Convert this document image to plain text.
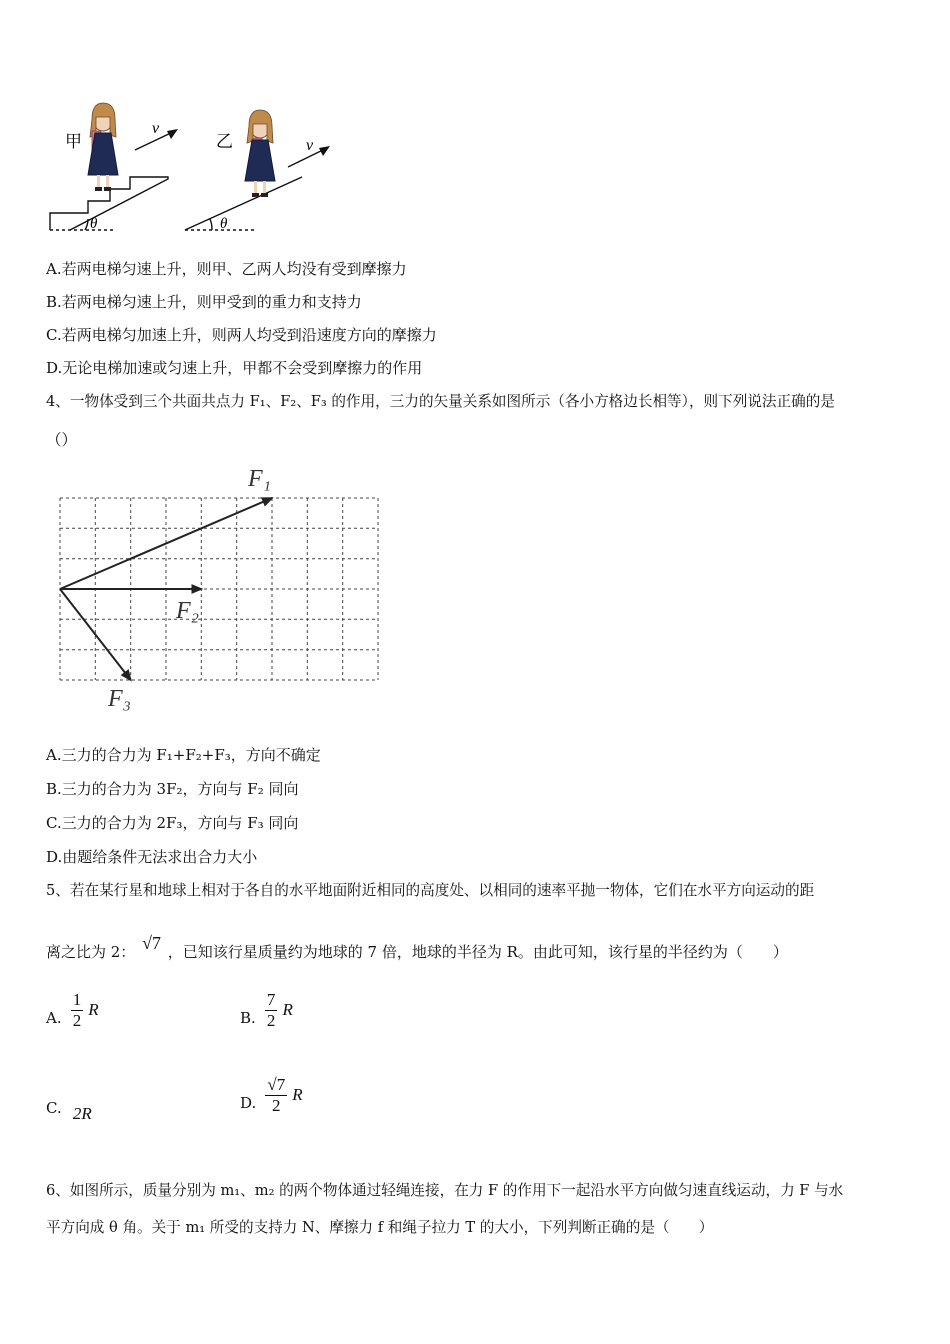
θ
甲
v
θ
乙	v
A.若两电梯匀速上升，则甲、乙两人均没有受到摩擦力
B.若两电梯匀速上升，则甲受到的重力和支持力
C.若两电梯匀加速上升，则两人均受到沿速度方向的摩擦力
D.无论电梯加速或匀速上升，甲都不会受到摩擦力的作用
4、一物体受到三个共面共点力 F₁、F₂、F₃ 的作用，三力的矢量关系如图所示（各小方格边长相等），则下列说法正确的是
（）
F₁
F₂
F₃
A.三力的合力为 F₁+F₂+F₃，方向不确定
B.三力的合力为 3F₂，方向与 F₂ 同向
C.三力的合力为 2F₃，方向与 F₃ 同向
D.由题给条件无法求出合力大小
5、若在某行星和地球上相对于各自的水平地面附近相同的高度处、以相同的速率平抛一物体，它们在水平方向运动的距
离之比为 2： √7 ，已知该行星质量约为地球的 7 倍，地球的半径为 R。由此可知，该行星的半径约为（　　）
A. $\frac{1}{2}$ R	B. $\frac{7}{2}$ R
C. 2R
D. $\frac{√7}{2}$ R
6、如图所示，质量分别为 m₁、m₂ 的两个物体通过轻绳连接，在力 F 的作用下一起沿水平方向做匀速直线运动，力 F 与水
平方向成 θ 角。关于 m₁ 所受的支持力 N、摩擦力 f 和绳子拉力 T 的大小，下列判断正确的是（　　）
